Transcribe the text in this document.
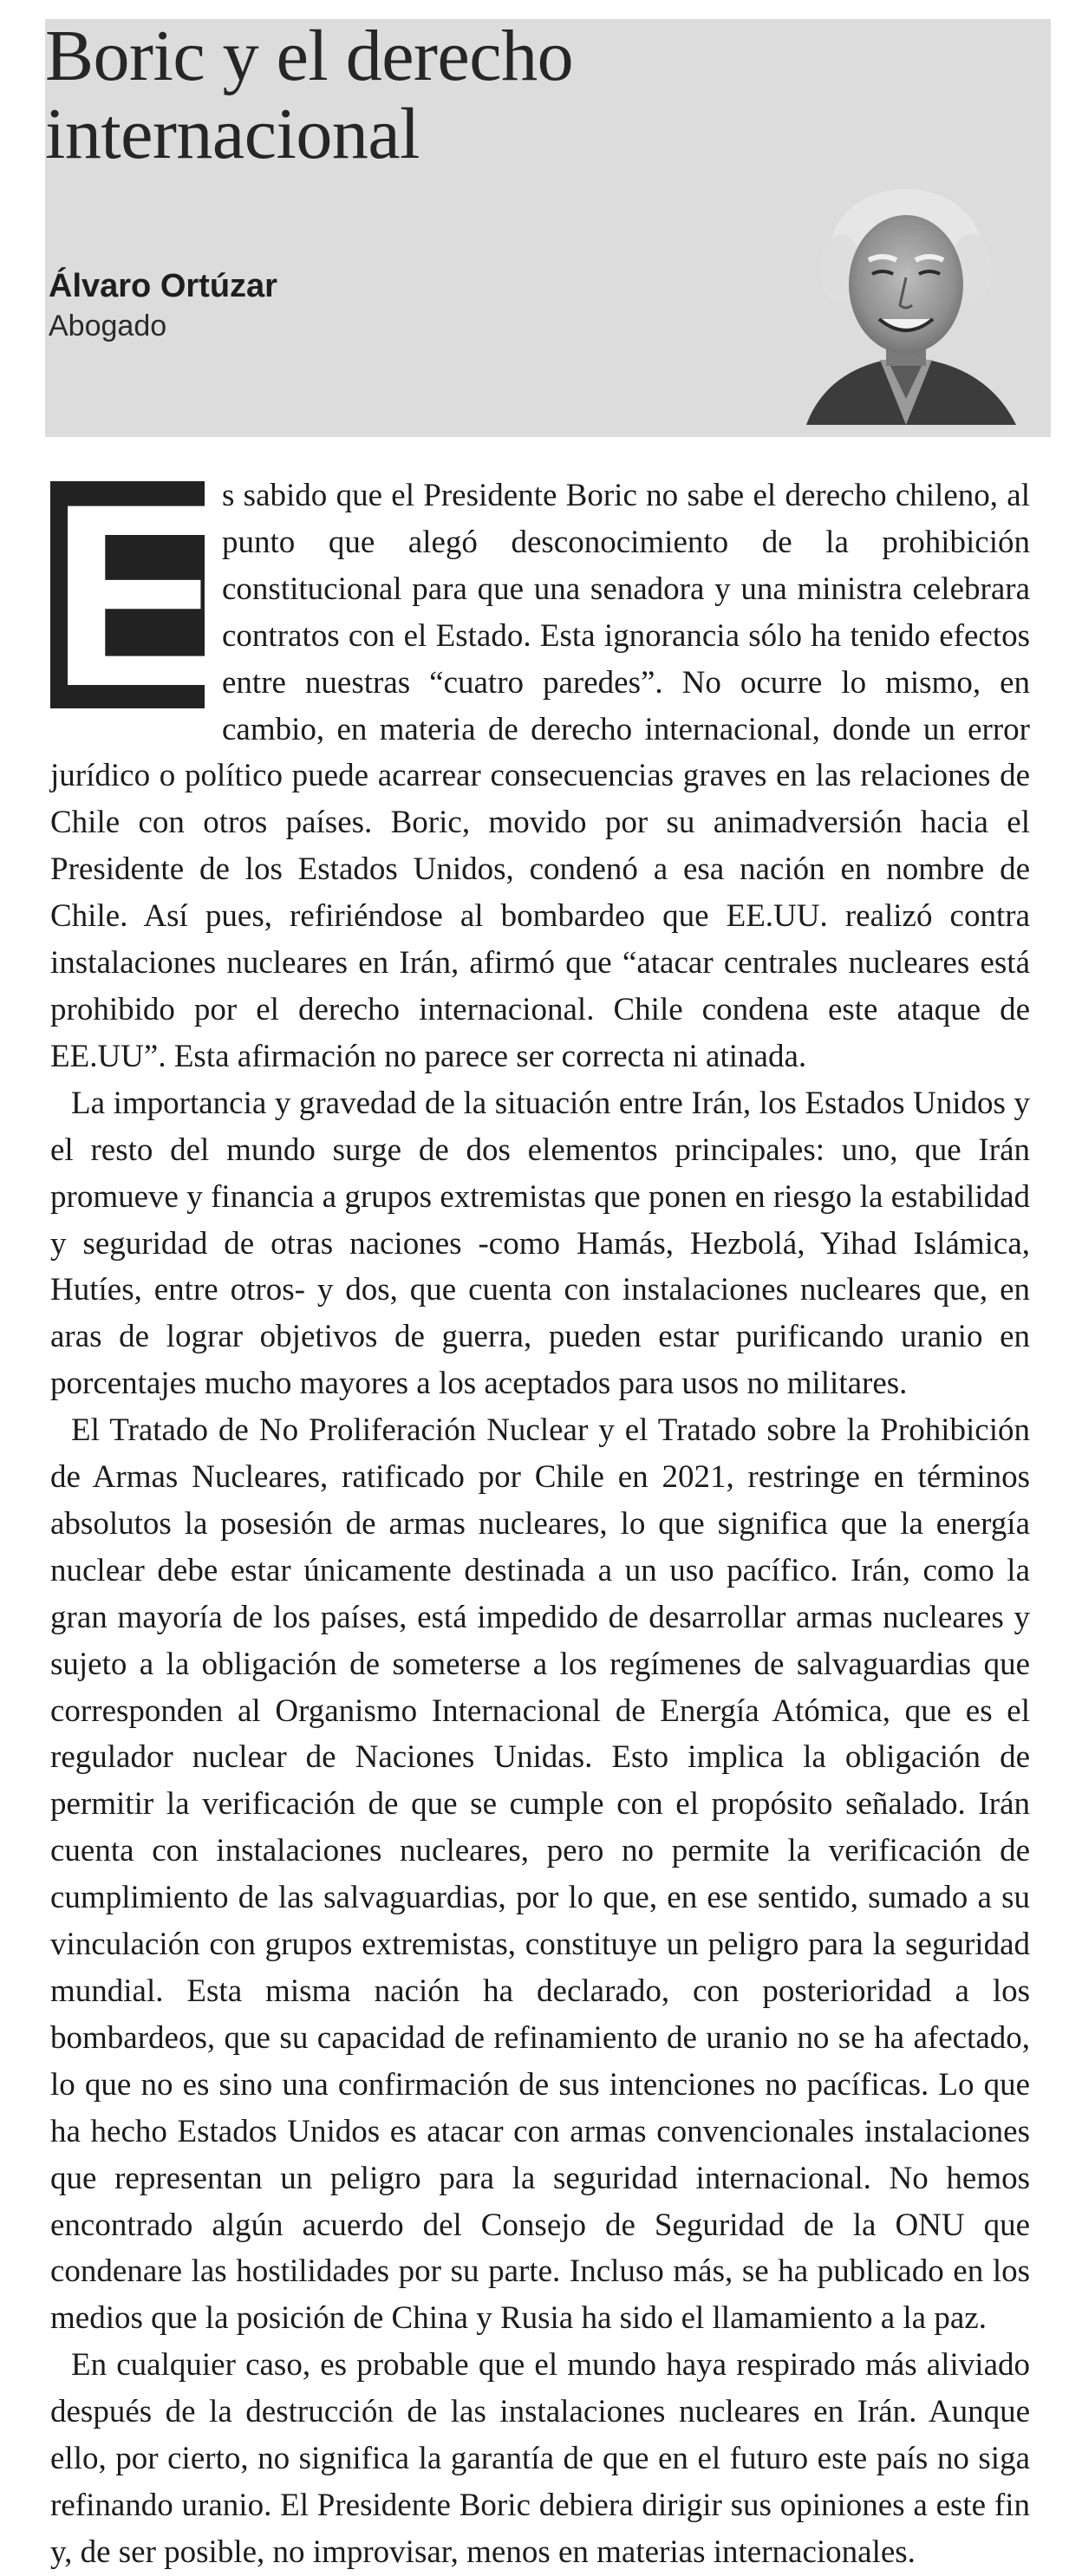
Boric y el derecho internacional
Álvaro Ortúzar
Abogado

E
s sabido que el Presidente Boric no sabe el derecho chileno, al punto que alegó desconocimiento de la prohibición constitucional para que una senadora y una ministra celebrara contratos con el Estado. Esta ignorancia sólo ha tenido efectos entre nuestras “cuatro paredes”. No ocurre lo mismo, en cambio, en materia de derecho internacional, donde un error jurídico o político puede acarrear consecuencias graves en las relaciones de Chile con otros países. Boric, movido por su animadversión hacia el Presidente de los Estados Unidos, condenó a esa nación en nombre de Chile. Así pues, refiriéndose al bombardeo que EE.UU. realizó contra instalaciones nucleares en Irán, afirmó que “atacar centrales nucleares está prohibido por el derecho internacional. Chile condena este ataque de EE.UU”. Esta afirmación no parece ser correcta ni atinada.

La importancia y gravedad de la situación entre Irán, los Estados Unidos y el resto del mundo surge de dos elementos principales: uno, que Irán promueve y financia a grupos extremistas que ponen en riesgo la estabilidad y seguridad de otras naciones -como Hamás, Hezbolá, Yihad Islámica, Hutíes, entre otros- y dos, que cuenta con instalaciones nucleares que, en aras de lograr objetivos de guerra, pueden estar purificando uranio en porcentajes mucho mayores a los aceptados para usos no militares.

El Tratado de No Proliferación Nuclear y el Tratado sobre la Prohibición de Armas Nucleares, ratificado por Chile en 2021, restringe en términos absolutos la posesión de armas nucleares, lo que significa que la energía nuclear debe estar únicamente destinada a un uso pacífico. Irán, como la gran mayoría de los países, está impedido de desarrollar armas nucleares y sujeto a la obligación de someterse a los regímenes de salvaguardias que corresponden al Organismo Internacional de Energía Atómica, que es el regulador nuclear de Naciones Unidas. Esto implica la obligación de permitir la verificación de que se cumple con el propósito señalado. Irán cuenta con instalaciones nucleares, pero no permite la verificación de cumplimiento de las salvaguardias, por lo que, en ese sentido, sumado a su vinculación con grupos extremistas, constituye un peligro para la seguridad mundial. Esta misma nación ha declarado, con posterioridad a los bombardeos, que su capacidad de refinamiento de uranio no se ha afectado, lo que no es sino una confirmación de sus intenciones no pacíficas. Lo que ha hecho Estados Unidos es atacar con armas convencionales instalaciones que representan un peligro para la seguridad internacional. No hemos encontrado algún acuerdo del Consejo de Seguridad de la ONU que condenare las hostilidades por su parte. Incluso más, se ha publicado en los medios que la posición de China y Rusia ha sido el llamamiento a la paz.

En cualquier caso, es probable que el mundo haya respirado más aliviado después de la destrucción de las instalaciones nucleares en Irán. Aunque ello, por cierto, no significa la garantía de que en el futuro este país no siga refinando uranio. El Presidente Boric debiera dirigir sus opiniones a este fin y, de ser posible, no improvisar, menos en materias internacionales.
